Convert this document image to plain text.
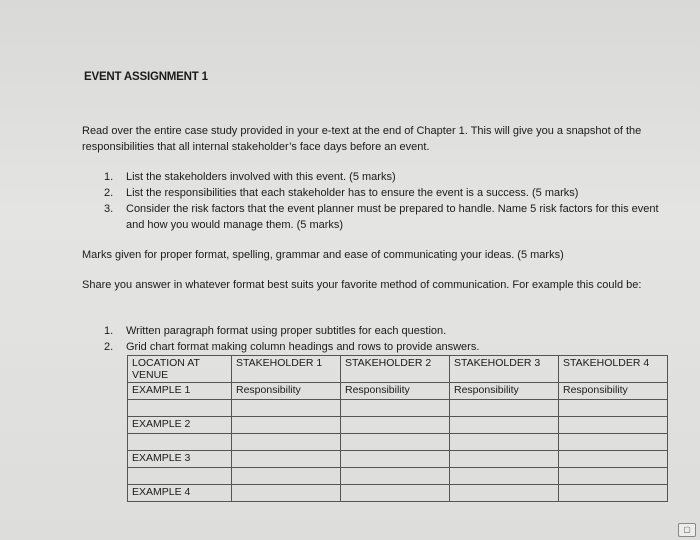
EVENT ASSIGNMENT 1
Read over the entire case study provided in your e-text at the end of Chapter 1. This will give you a snapshot of the responsibilities that all internal stakeholder’s face days before an event.
1.	List the stakeholders involved with this event. (5 marks)
2.	List the responsibilities that each stakeholder has to ensure the event is a success. (5 marks)
3.	Consider the risk factors that the event planner must be prepared to handle. Name 5 risk factors for this event and how you would manage them. (5 marks)
Marks given for proper format, spelling, grammar and ease of communicating your ideas. (5 marks)
Share you answer in whatever format best suits your favorite method of communication. For example this could be:
1.	Written paragraph format using proper subtitles for each question.
2.	Grid chart format making column headings and rows to provide answers.
LOCATION AT VENUE	STAKEHOLDER 1	STAKEHOLDER 2	STAKEHOLDER 3	STAKEHOLDER 4
EXAMPLE 1	Responsibility	Responsibility	Responsibility	Responsibility

EXAMPLE 2				

EXAMPLE 3				

EXAMPLE 4				
▢
